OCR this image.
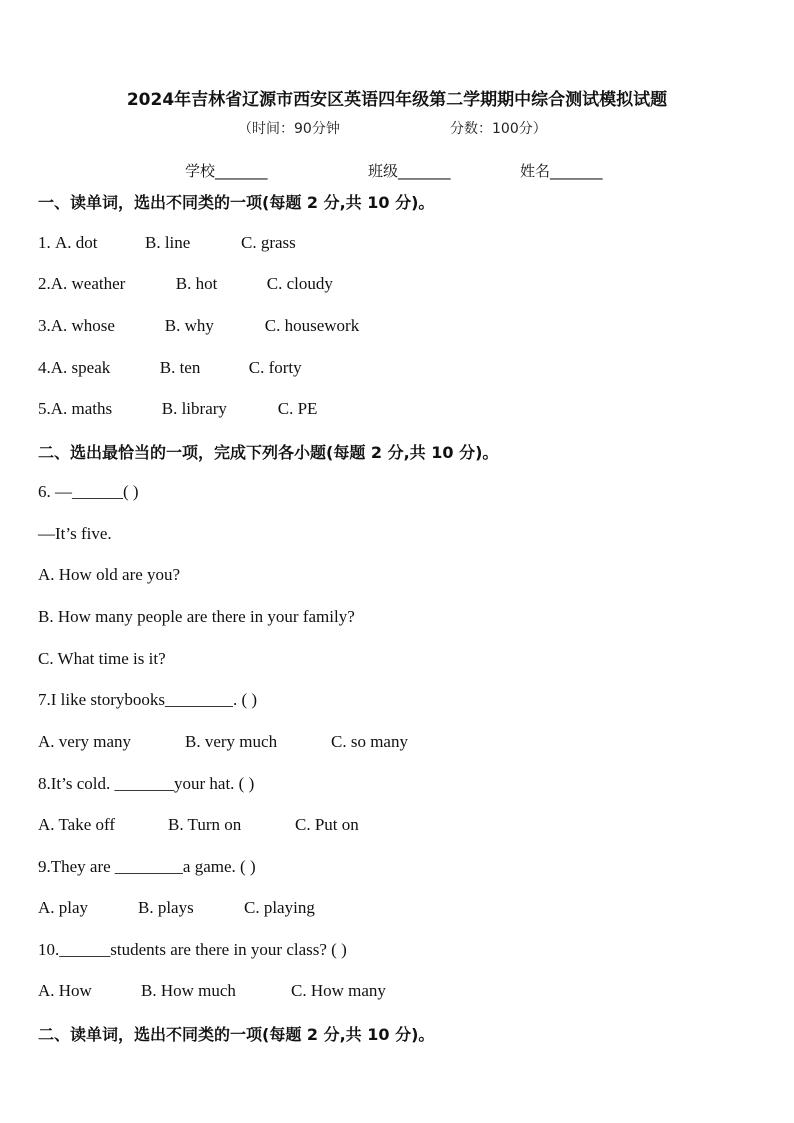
2024年吉林省辽源市西安区英语四年级第二学期期中综合测试模拟试题
（时间：90分钟	分数：100分）
学校_______	班级_______	姓名_______
一、读单词，选出不同类的一项(每题 2 分,共 10 分)。
1. A. dot	B. line	C. grass
2.A. weather	B. hot	C. cloudy
3.A. whose	B. why	C. housework
4.A. speak	B. ten	C. forty
5.A. maths	B. library	C. PE
二、选出最恰当的一项，完成下列各小题(每题 2 分,共 10 分)。
6. —______( )
—It’s five.
A. How old are you?
B. How many people are there in your family?
C. What time is it?
7.I like storybooks________. ( )
A. very many	B. very much	C. so many
8.It’s cold. _______your hat. ( )
A. Take off	B. Turn on	C. Put on
9.They are ________a game. ( )
A. play	B. plays	C. playing
10.______students are there in your class? ( )
A. How	B. How much	C. How many
二、读单词，选出不同类的一项(每题 2 分,共 10 分)。
